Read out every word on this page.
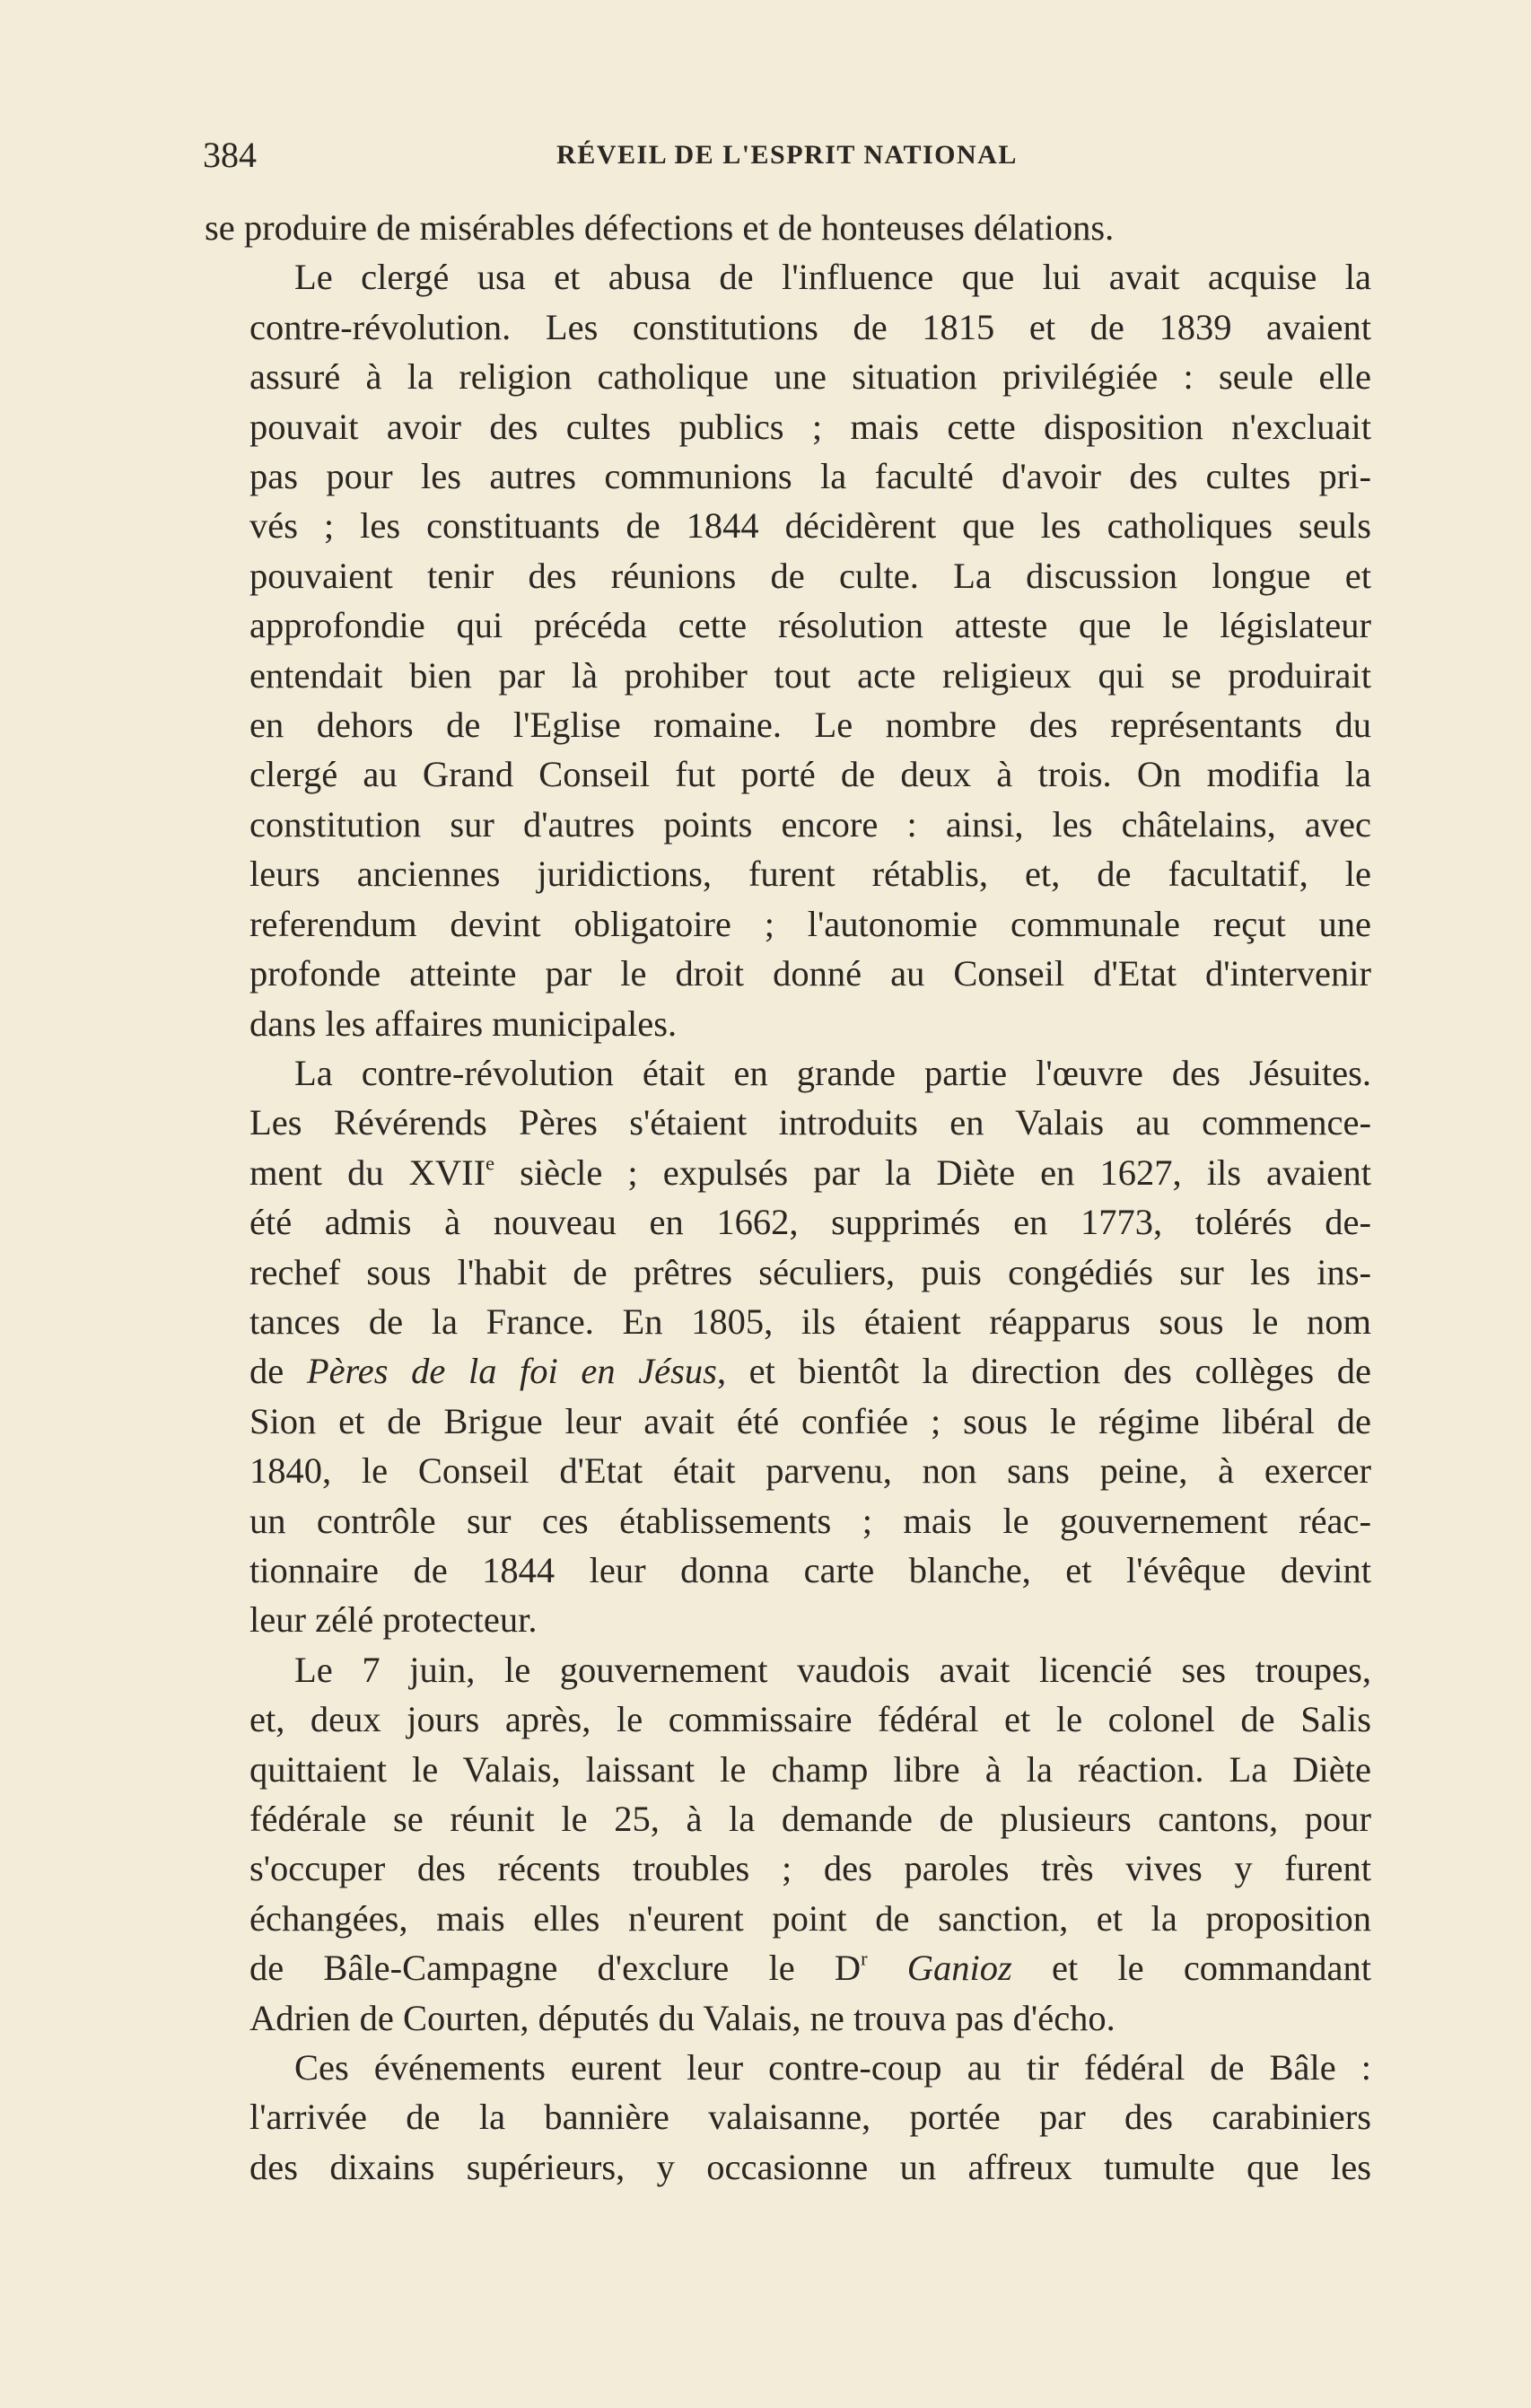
384	RÉVEIL DE L'ESPRIT NATIONAL
se produire de misérables défections et de honteuses délations.
Le clergé usa et abusa de l'influence que lui avait acquise la
contre-révolution. Les constitutions de 1815 et de 1839 avaient
assuré à la religion catholique une situation privilégiée : seule elle
pouvait avoir des cultes publics ; mais cette disposition n'excluait
pas pour les autres communions la faculté d'avoir des cultes pri-
vés ; les constituants de 1844 décidèrent que les catholiques seuls
pouvaient tenir des réunions de culte. La discussion longue et
approfondie qui précéda cette résolution atteste que le législateur
entendait bien par là prohiber tout acte religieux qui se produirait
en dehors de l'Eglise romaine. Le nombre des représentants du
clergé au Grand Conseil fut porté de deux à trois. On modifia la
constitution sur d'autres points encore : ainsi, les châtelains, avec
leurs anciennes juridictions, furent rétablis, et, de facultatif, le
referendum devint obligatoire ; l'autonomie communale reçut une
profonde atteinte par le droit donné au Conseil d'Etat d'intervenir
dans les affaires municipales.
La contre-révolution était en grande partie l'œuvre des Jésuites.
Les Révérends Pères s'étaient introduits en Valais au commence-
ment du XVIIe siècle ; expulsés par la Diète en 1627, ils avaient
été admis à nouveau en 1662, supprimés en 1773, tolérés de-
rechef sous l'habit de prêtres séculiers, puis congédiés sur les ins-
tances de la France. En 1805, ils étaient réapparus sous le nom
de Pères de la foi en Jésus, et bientôt la direction des collèges de
Sion et de Brigue leur avait été confiée ; sous le régime libéral de
1840, le Conseil d'Etat était parvenu, non sans peine, à exercer
un contrôle sur ces établissements ; mais le gouvernement réac-
tionnaire de 1844 leur donna carte blanche, et l'évêque devint
leur zélé protecteur.
Le 7 juin, le gouvernement vaudois avait licencié ses troupes,
et, deux jours après, le commissaire fédéral et le colonel de Salis
quittaient le Valais, laissant le champ libre à la réaction. La Diète
fédérale se réunit le 25, à la demande de plusieurs cantons, pour
s'occuper des récents troubles ; des paroles très vives y furent
échangées, mais elles n'eurent point de sanction, et la proposition
de Bâle-Campagne d'exclure le $D^r$ Ganioz et le commandant
Adrien de Courten, députés du Valais, ne trouva pas d'écho.
Ces événements eurent leur contre-coup au tir fédéral de Bâle :
l'arrivée de la bannière valaisanne, portée par des carabiniers
des dixains supérieurs, y occasionne un affreux tumulte que les
